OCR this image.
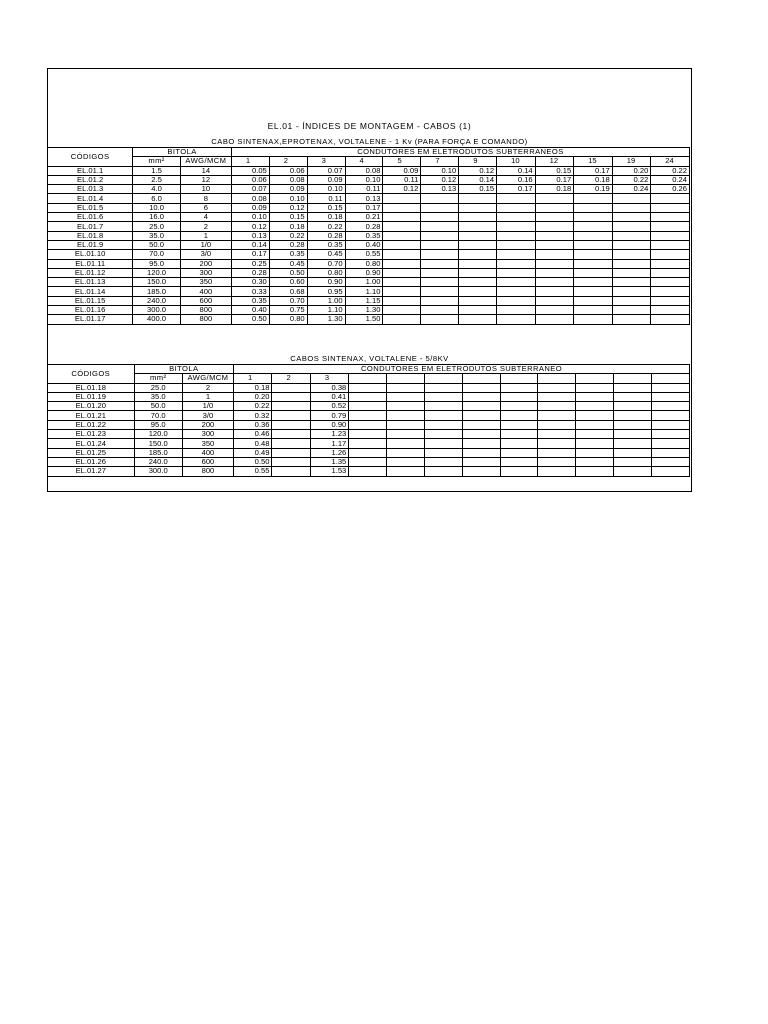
EL.01 - ÍNDICES DE MONTAGEM - CABOS (1)
CABO SINTENAX,EPROTENAX, VOLTALENE - 1 Kv (PARA FORÇA E COMANDO)
CÓDIGOS	BITOLA		CONDUTORES EM ELETRODUTOS SUBTERRANEOS											
	mm²	AWG/MCM	1	2	3	4	5	7	9	10	12	15	19	24
EL.01.1	1.5	14	0.05	0.06	0.07	0.08	0.09	0.10	0.12	0.14	0.15	0.17	0.20	0.22
EL.01.2	2.5	12	0.06	0.08	0.09	0.10	0.11	0.12	0.14	0.16	0.17	0.18	0.22	0.24
EL.01.3	4.0	10	0.07	0.09	0.10	0.11	0.12	0.13	0.15	0.17	0.18	0.19	0.24	0.26
EL.01.4	6.0	8	0.08	0.10	0.11	0.13								
EL.01.5	10.0	6	0.09	0.12	0.15	0.17								
EL.01.6	16.0	4	0.10	0.15	0.18	0.21								
EL.01.7	25.0	2	0.12	0.18	0.22	0.28								
EL.01.8	35.0	1	0.13	0.22	0.28	0.35								
EL.01.9	50.0	1/0	0.14	0.28	0.35	0.40								
EL.01.10	70.0	3/0	0.17	0.35	0.45	0.55								
EL.01.11	95.0	200	0.25	0.45	0.70	0.80								
EL.01.12	120.0	300	0.28	0.50	0.80	0.90								
EL.01.13	150.0	350	0.30	0.60	0.90	1.00								
EL.01.14	185.0	400	0.33	0.68	0.95	1.10								
EL.01.15	240.0	600	0.35	0.70	1.00	1.15								
EL.01.16	300.0	800	0.40	0.75	1.10	1.30								
EL.01.17	400.0	800	0.50	0.80	1.30	1.50								
CABOS SINTENAX, VOLTALENE - 5/8KV
CÓDIGOS	BITOLA		CONDUTORES EM ELETRODUTOS SUBTERRANEO											
	mm²	AWG/MCM	1	2	3									
EL.01.18	25.0	2	0.18		0.38									
EL.01.19	35.0	1	0.20		0.41									
EL.01.20	50.0	1/0	0.22		0.52									
EL.01.21	70.0	3/0	0.32		0.79									
EL.01.22	95.0	200	0.36		0.90									
EL.01.23	120.0	300	0.46		1.23									
EL.01.24	150.0	350	0.48		1.17									
EL.01.25	185.0	400	0.49		1.26									
EL.01.26	240.0	600	0.50		1.35									
EL.01.27	300.0	800	0.55		1.53									
